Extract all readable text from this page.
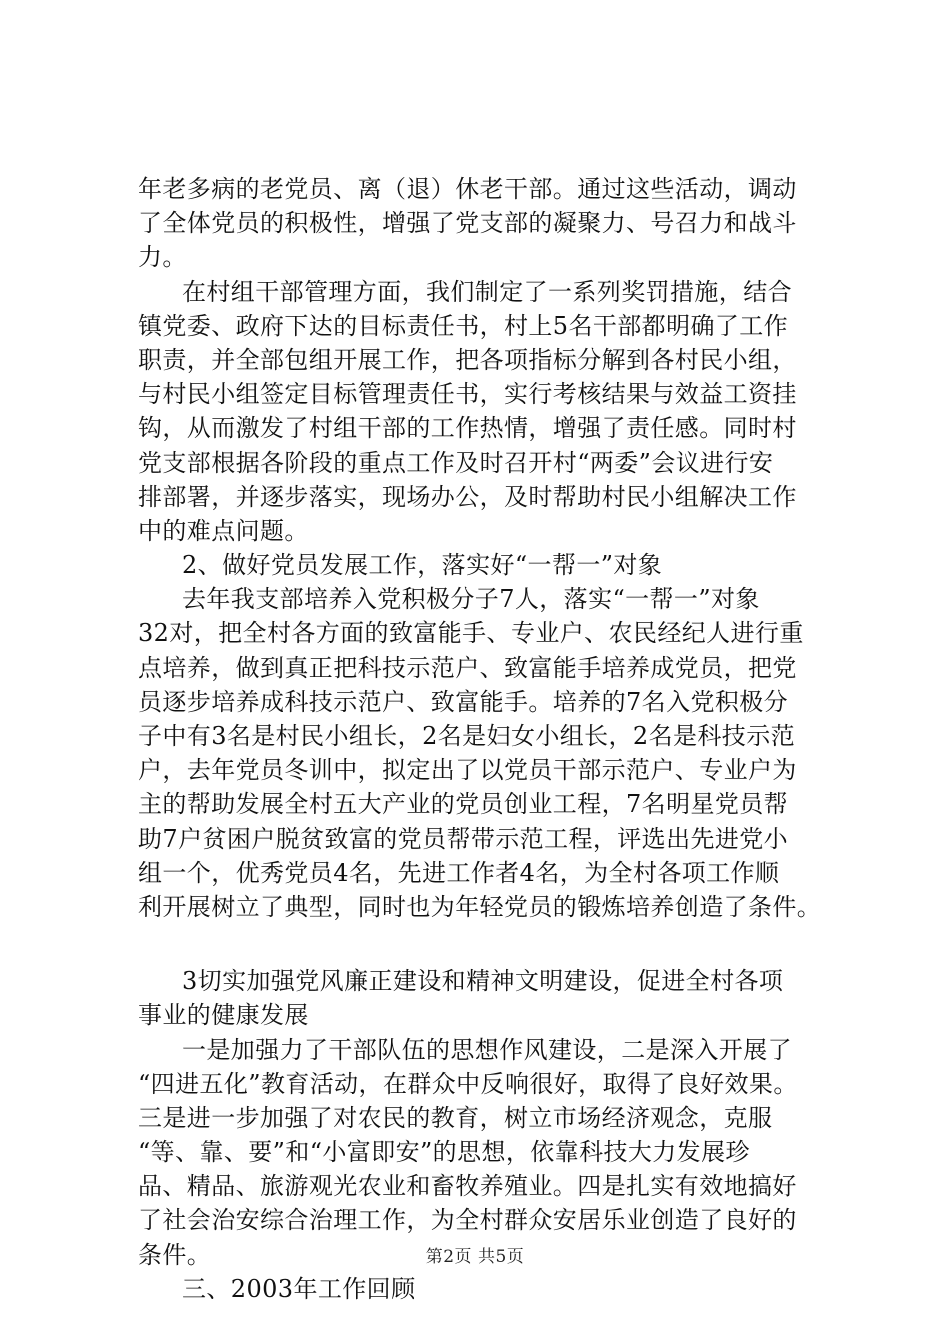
年老多病的老党员、离（退）休老干部。通过这些活动，调动
了全体党员的积极性，增强了党支部的凝聚力、号召力和战斗
力。
在村组干部管理方面，我们制定了一系列奖罚措施，结合
镇党委、政府下达的目标责任书，村上5名干部都明确了工作
职责，并全部包组开展工作，把各项指标分解到各村民小组，
与村民小组签定目标管理责任书，实行考核结果与效益工资挂
钩，从而激发了村组干部的工作热情，增强了责任感。同时村
党支部根据各阶段的重点工作及时召开村“两委”会议进行安
排部署，并逐步落实，现场办公，及时帮助村民小组解决工作
中的难点问题。
2、做好党员发展工作，落实好“一帮一”对象
去年我支部培养入党积极分子7人，落实“一帮一”对象
32对，把全村各方面的致富能手、专业户、农民经纪人进行重
点培养，做到真正把科技示范户、致富能手培养成党员，把党
员逐步培养成科技示范户、致富能手。培养的7名入党积极分
子中有3名是村民小组长，2名是妇女小组长，2名是科技示范
户，去年党员冬训中，拟定出了以党员干部示范户、专业户为
主的帮助发展全村五大产业的党员创业工程，7名明星党员帮
助7户贫困户脱贫致富的党员帮带示范工程，评选出先进党小
组一个，优秀党员4名，先进工作者4名，为全村各项工作顺
利开展树立了典型，同时也为年轻党员的锻炼培养创造了条件。
3切实加强党风廉正建设和精神文明建设，促进全村各项
事业的健康发展
一是加强力了干部队伍的思想作风建设，二是深入开展了
“四进五化”教育活动，在群众中反响很好，取得了良好效果。
三是进一步加强了对农民的教育，树立市场经济观念，克服
“等、靠、要”和“小富即安”的思想，依靠科技大力发展珍
品、精品、旅游观光农业和畜牧养殖业。四是扎实有效地搞好
了社会治安综合治理工作，为全村群众安居乐业创造了良好的
条件。
三、2003年工作回顾
第2页 共5页
